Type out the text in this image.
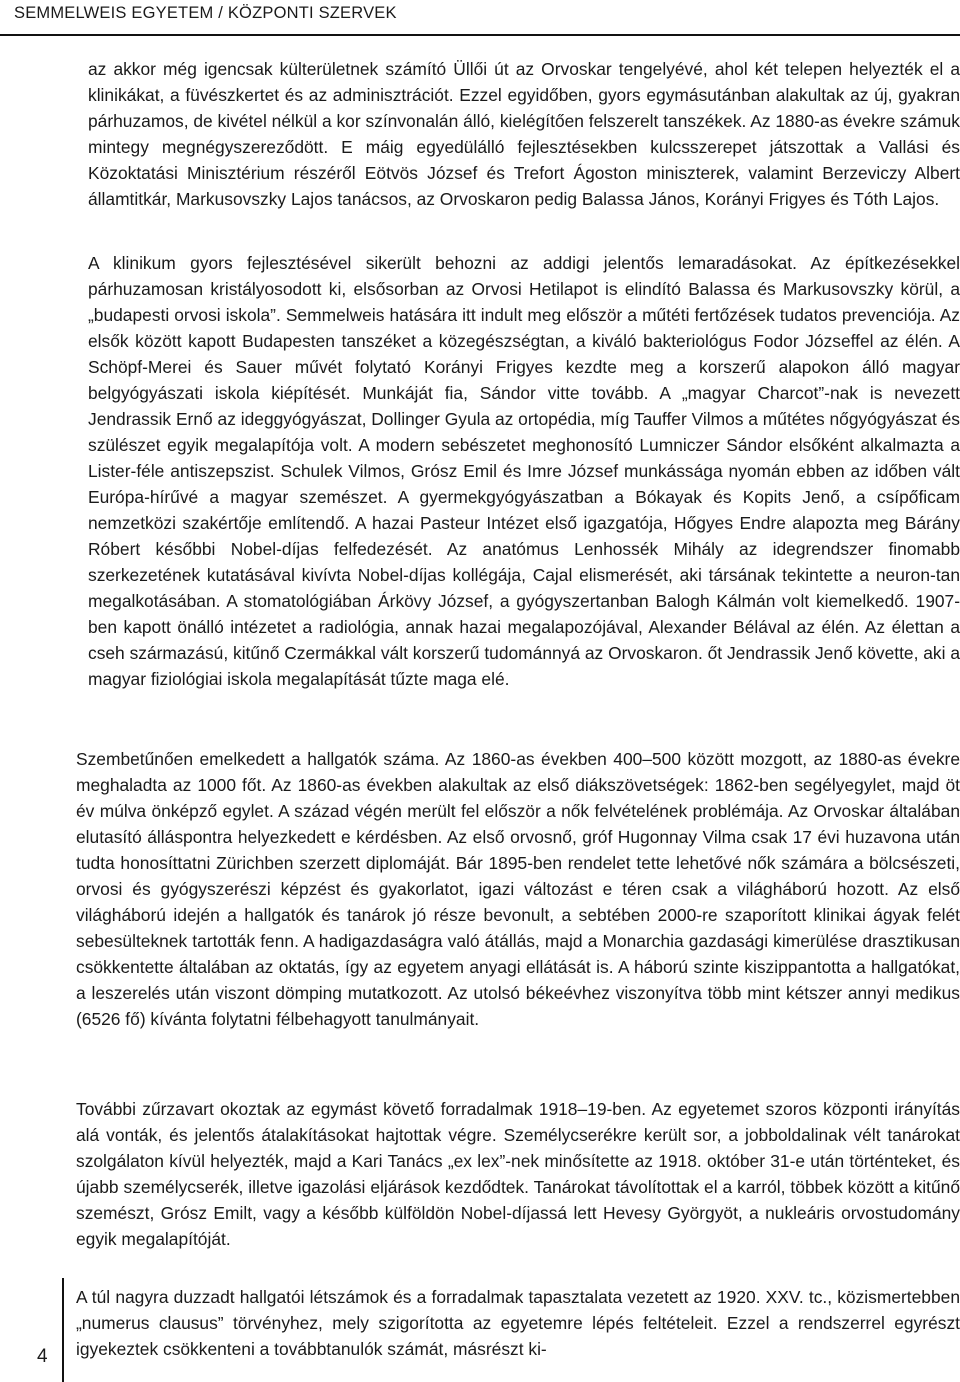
SEMMELWEIS EGYETEM / KÖZPONTI SZERVEK

az akkor még igencsak külterületnek számító Üllői út az Orvoskar tengelyévé, ahol két telepen helyezték el a klinikákat, a füvészkertet és az adminisztrációt. Ezzel egyidőben, gyors egymásutánban alakultak az új, gyakran párhuzamos, de kivétel nélkül a kor színvonalán álló, kielégítően felszerelt tanszékek. Az 1880-as évekre számuk mintegy megnégyszereződött. E máig egyedülálló fejlesztésekben kulcsszerepet játszottak a Vallási és Közoktatási Minisztérium részéről Eötvös József és Trefort Ágoston miniszterek, valamint Berzeviczy Albert államtitkár, Markusovszky Lajos tanácsos, az Orvoskaron pedig Balassa János, Korányi Frigyes és Tóth Lajos.

A klinikum gyors fejlesztésével sikerült behozni az addigi jelentős lemaradásokat. Az építkezésekkel párhuzamosan kristályosodott ki, elsősorban az Orvosi Hetilapot is elindító Balassa és Markusovszky körül, a „budapesti orvosi iskola”. Semmelweis hatására itt indult meg először a műtéti fertőzések tudatos prevenciója. Az elsők között kapott Budapesten tanszéket a közegészségtan, a kiváló bakteriológus Fodor Józseffel az élén. A Schöpf-Merei és Sauer művét folytató Korányi Frigyes kezdte meg a korszerű alapokon álló magyar belgyógyászati iskola kiépítését. Munkáját fia, Sándor vitte tovább. A „magyar Charcot”-nak is nevezett Jendrassik Ernő az ideggyógyászat, Dollinger Gyula az ortopédia, míg Tauffer Vilmos a műtétes nőgyógyászat és szülészet egyik megalapítója volt. A modern sebészetet meghonosító Lumniczer Sándor elsőként alkalmazta a Lister-féle antiszepszist. Schulek Vilmos, Grósz Emil és Imre József munkássága nyomán ebben az időben vált Európa-hírűvé a magyar szemészet. A gyermekgyógyászatban a Bókayak és Kopits Jenő, a csípőficam nemzetközi szakértője említendő. A hazai Pasteur Intézet első igazgatója, Hőgyes Endre alapozta meg Bárány Róbert későbbi Nobel-díjas felfedezését. Az anatómus Lenhossék Mihály az idegrendszer finomabb szerkezetének kutatásával kivívta Nobel-díjas kollégája, Cajal elismerését, aki társának tekintette a neuron-tan megalkotásában. A stomatológiában Árkövy József, a gyógyszertanban Balogh Kálmán volt kiemelkedő. 1907-ben kapott önálló intézetet a radiológia, annak hazai megalapozójával, Alexander Bélával az élén. Az élettan a cseh származású, kitűnő Czermákkal vált korszerű tudománnyá az Orvoskaron. őt Jendrassik Jenő követte, aki a magyar fiziológiai iskola megalapítását tűzte maga elé.

Szembetűnően emelkedett a hallgatók száma. Az 1860-as években 400–500 között mozgott, az 1880-as évekre meghaladta az 1000 főt. Az 1860-as években alakultak az első diákszövetségek: 1862-ben segélyegylet, majd öt év múlva önképző egylet. A század végén merült fel először a nők felvételének problémája. Az Orvoskar általában elutasító álláspontra helyezkedett e kérdésben. Az első orvosnő, gróf Hugonnay Vilma csak 17 évi huzavona után tudta honosíttatni Zürichben szerzett diplomáját. Bár 1895-ben rendelet tette lehetővé nők számára a bölcsészeti, orvosi és gyógyszerészi képzést és gyakorlatot, igazi változást e téren csak a világháború hozott. Az első világháború idején a hallgatók és tanárok jó része bevonult, a sebtében 2000-re szaporított klinikai ágyak felét sebesülteknek tartották fenn. A hadigazdaságra való átállás, majd a Monarchia gazdasági kimerülése drasztikusan csökkentette általában az oktatás, így az egyetem anyagi ellátását is. A háború szinte kiszippantotta a hallgatókat, a leszerelés után viszont dömping mutatkozott. Az utolsó békeévhez viszonyítva több mint kétszer annyi medikus (6526 fő) kívánta folytatni félbehagyott tanulmányait.

További zűrzavart okoztak az egymást követő forradalmak 1918–19-ben. Az egyetemet szoros központi irányítás alá vonták, és jelentős átalakításokat hajtottak végre. Személycserékre került sor, a jobboldalinak vélt tanárokat szolgálaton kívül helyezték, majd a Kari Tanács „ex lex”-nek minősítette az 1918. október 31-e után történteket, és újabb személycserék, illetve igazolási eljárások kezdődtek. Tanárokat távolítottak el a karról, többek között a kitűnő szemészt, Grósz Emilt, vagy a később külföldön Nobel-díjassá lett Hevesy Györgyöt, a nukleáris orvostudomány egyik megalapítóját.

A túl nagyra duzzadt hallgatói létszámok és a forradalmak tapasztalata vezetett az 1920. XXV. tc., közismertebben „numerus clausus” törvényhez, mely szigorította az egyetemre lépés feltételeit. Ezzel a rendszerrel egyrészt igyekeztek csökkenteni a továbbtanulók számát, másrészt ki-

4
